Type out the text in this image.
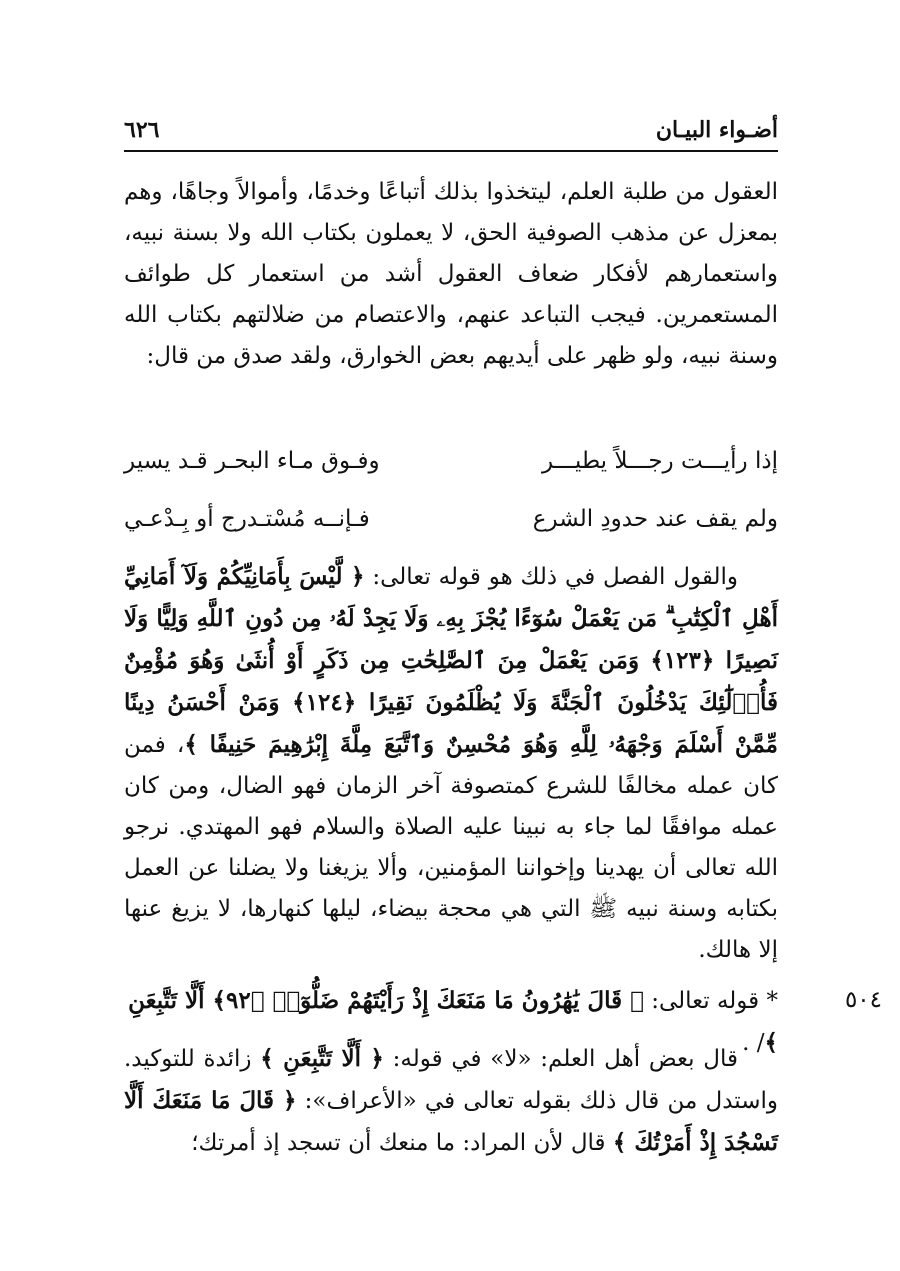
أضـواء البيـان
٦٢٦

العقول من طلبة العلم، ليتخذوا بذلك أتباعًا وخدمًا، وأموالاً وجاهًا، وهم بمعزل عن مذهب الصوفية الحق، لا يعملون بكتاب الله ولا بسنة نبيه، واستعمارهم لأفكار ضعاف العقول أشد من استعمار كل طوائف المستعمرين. فيجب التباعد عنهم، والاعتصام من ضلالتهم بكتاب الله وسنة نبيه، ولو ظهر على أيديهم بعض الخوارق، ولقد صدق من قال:

إذا رأيـــت رجـــلاً يطيـــر
وفـوق مـاء البحـر قـد يسير
ولم يقف عند حدودِ الشرع
فـإنــه مُسْتـدرج أو بِـدْعـي

والقول الفصل في ذلك هو قوله تعالى: ﴿ لَّيْسَ بِأَمَانِيِّكُمْ وَلَآ أَمَانِيِّ أَهْلِ ٱلْكِتَٰبِ ۗ مَن يَعْمَلْ سُوٓءًا يُجْزَ بِهِۦ وَلَا يَجِدْ لَهُۥ مِن دُونِ ٱللَّهِ وَلِيًّا وَلَا نَصِيرًا ﴿١٢٣﴾ وَمَن يَعْمَلْ مِنَ ٱلصَّٰلِحَٰتِ مِن ذَكَرٍ أَوْ أُنثَىٰ وَهُوَ مُؤْمِنٌ فَأُو۟لَٰٓئِكَ يَدْخُلُونَ ٱلْجَنَّةَ وَلَا يُظْلَمُونَ نَقِيرًا ﴿١٢٤﴾ وَمَنْ أَحْسَنُ دِينًا مِّمَّنْ أَسْلَمَ وَجْهَهُۥ لِلَّهِ وَهُوَ مُحْسِنٌ وَٱتَّبَعَ مِلَّةَ إِبْرَٰهِيمَ حَنِيفًا ﴾، فمن كان عمله مخالفًا للشرع كمتصوفة آخر الزمان فهو الضال، ومن كان عمله موافقًا لما جاء به نبينا عليه الصلاة والسلام فهو المهتدي. نرجو الله تعالى أن يهدينا وإخواننا المؤمنين، وألا يزيغنا ولا يضلنا عن العمل بكتابه وسنة نبيه ﷺ التي هي محجة بيضاء، ليلها كنهارها، لا يزيغ عنها إلا هالك.

٥٠٤
* قوله تعالى: ﴿ قَالَ يَٰهَٰرُونُ مَا مَنَعَكَ إِذْ رَأَيْتَهُمْ ضَلُّوٓا۟ ﴿٩٢﴾ أَلَّا تَتَّبِعَنِ ﴾/ .

قال بعض أهل العلم: «لا» في قوله: ﴿ أَلَّا تَتَّبِعَنِ ﴾ زائدة للتوكيد. واستدل من قال ذلك بقوله تعالى في «الأعراف»: ﴿ قَالَ مَا مَنَعَكَ أَلَّا تَسْجُدَ إِذْ أَمَرْتُكَ ﴾ قال لأن المراد: ما منعك أن تسجد إذ أمرتك؛
